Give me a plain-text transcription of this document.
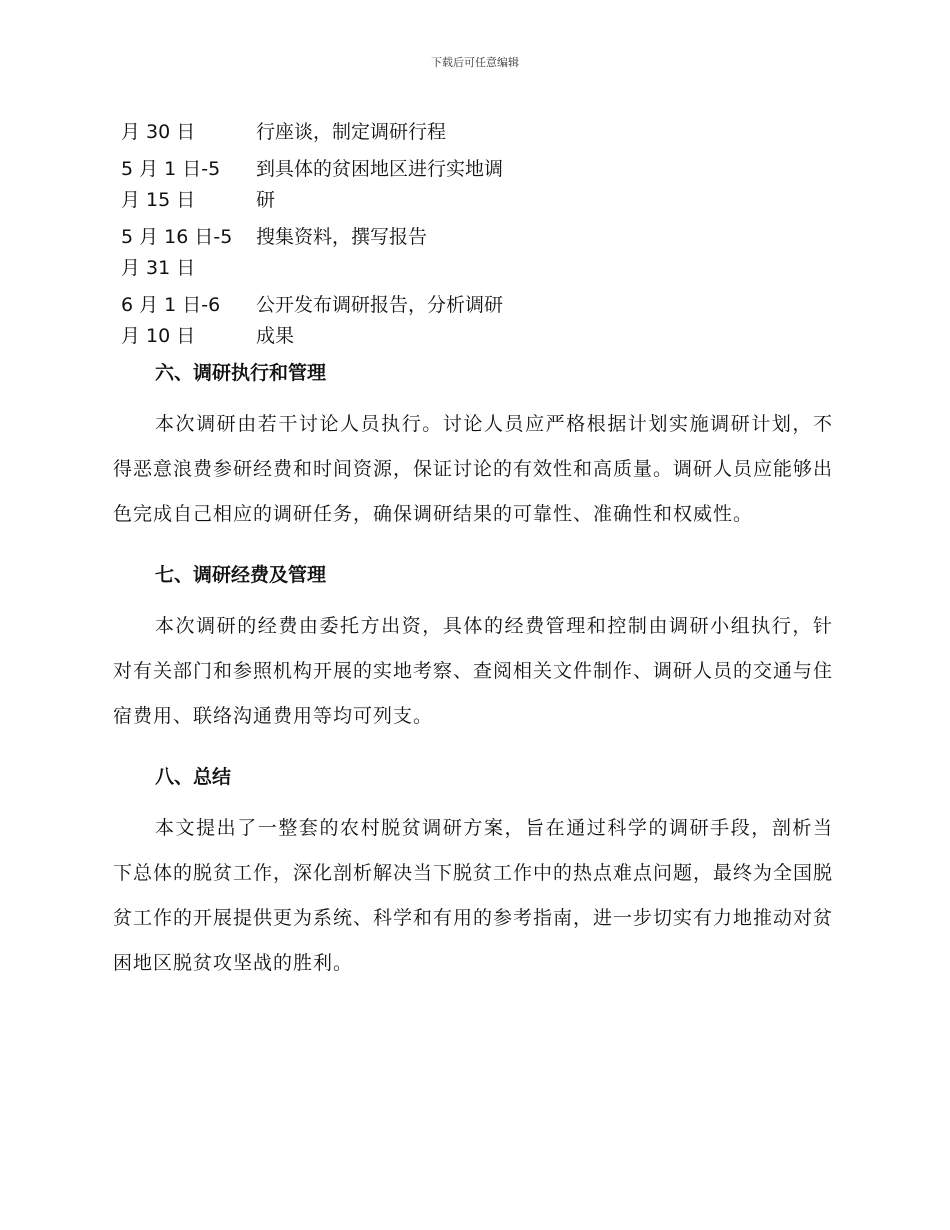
下载后可任意编辑
月 30 日	行座谈，制定调研行程
5 月 1 日-5
月 15 日
到具体的贫困地区进行实地调
研
5 月 16 日-5
月 31 日
搜集资料，撰写报告
6 月 1 日-6
月 10 日
公开发布调研报告，分析调研
成果
六、调研执行和管理

本次调研由若干讨论人员执行。讨论人员应严格根据计划实施调研计划，不得恶意浪费参研经费和时间资源，保证讨论的有效性和高质量。调研人员应能够出色完成自己相应的调研任务，确保调研结果的可靠性、准确性和权威性。

七、调研经费及管理

本次调研的经费由委托方出资，具体的经费管理和控制由调研小组执行，针对有关部门和参照机构开展的实地考察、查阅相关文件制作、调研人员的交通与住宿费用、联络沟通费用等均可列支。

八、总结

本文提出了一整套的农村脱贫调研方案，旨在通过科学的调研手段，剖析当下总体的脱贫工作，深化剖析解决当下脱贫工作中的热点难点问题，最终为全国脱贫工作的开展提供更为系统、科学和有用的参考指南，进一步切实有力地推动对贫困地区脱贫攻坚战的胜利。
